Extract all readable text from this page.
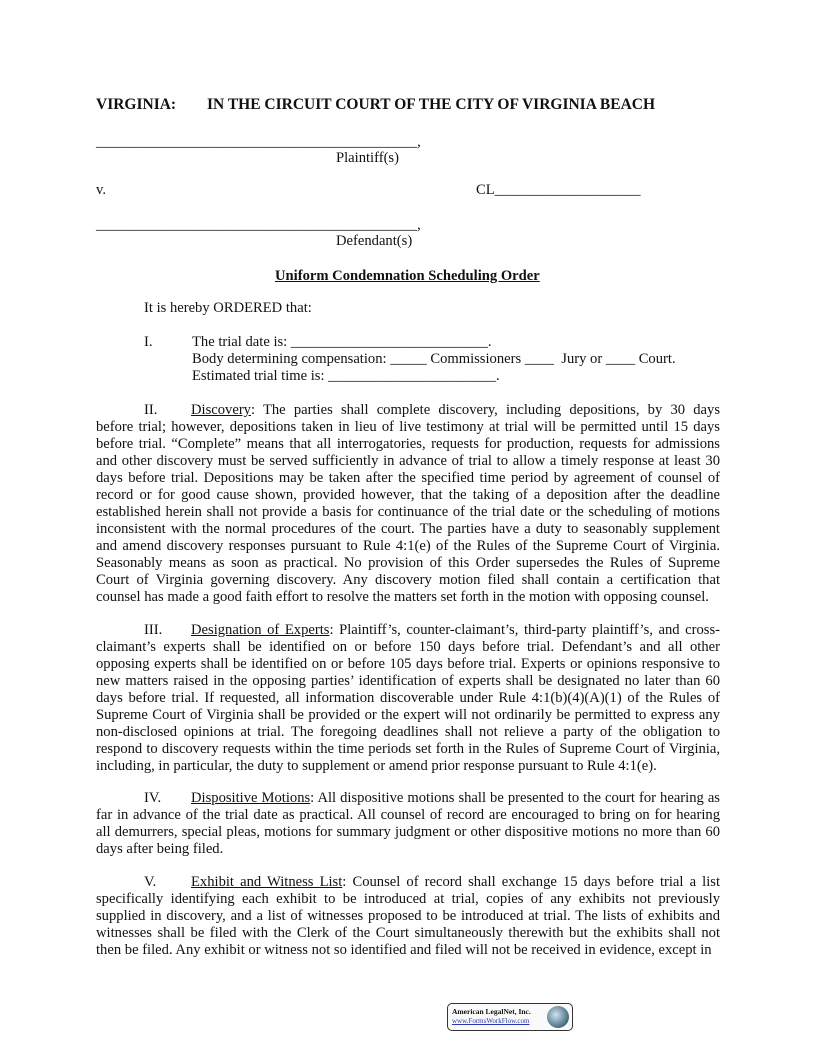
VIRGINIA: IN THE CIRCUIT COURT OF THE CITY OF VIRGINIA BEACH
____________________________________________,
Plaintiff(s)
v.	CL____________________
____________________________________________,
Defendant(s)
Uniform Condemnation Scheduling Order
It is hereby ORDERED that:
I.	The trial date is: ___________________________.
Body determining compensation: _____ Commissioners ____  Jury or ____ Court.
Estimated trial time is: _______________________.
II. Discovery: The parties shall complete discovery, including depositions, by 30 days
before trial; however, depositions taken in lieu of live testimony at trial will be permitted until 15 days
before trial. “Complete” means that all interrogatories, requests for production, requests for admissions
and other discovery must be served sufficiently in advance of trial to allow a timely response at least 30
days before trial. Depositions may be taken after the specified time period by agreement of counsel of
record or for good cause shown, provided however, that the taking of a deposition after the deadline
established herein shall not provide a basis for continuance of the trial date or the scheduling of motions
inconsistent with the normal procedures of the court. The parties have a duty to seasonably supplement
and amend discovery responses pursuant to Rule 4:1(e) of the Rules of the Supreme Court of Virginia.
Seasonably means as soon as practical. No provision of this Order supersedes the Rules of Supreme
Court of Virginia governing discovery. Any discovery motion filed shall contain a certification that
counsel has made a good faith effort to resolve the matters set forth in the motion with opposing counsel.
III. Designation of Experts: Plaintiff’s, counter-claimant’s, third-party plaintiff’s, and cross-
claimant’s experts shall be identified on or before 150 days before trial. Defendant’s and all other
opposing experts shall be identified on or before 105 days before trial. Experts or opinions responsive to
new matters raised in the opposing parties’ identification of experts shall be designated no later than 60
days before trial. If requested, all information discoverable under Rule 4:1(b)(4)(A)(1) of the Rules of
Supreme Court of Virginia shall be provided or the expert will not ordinarily be permitted to express any
non-disclosed opinions at trial. The foregoing deadlines shall not relieve a party of the obligation to
respond to discovery requests within the time periods set forth in the Rules of Supreme Court of Virginia,
including, in particular, the duty to supplement or amend prior response pursuant to Rule 4:1(e).
IV. Dispositive Motions: All dispositive motions shall be presented to the court for hearing as
far in advance of the trial date as practical. All counsel of record are encouraged to bring on for hearing
all demurrers, special pleas, motions for summary judgment or other dispositive motions no more than 60
days after being filed.
V. Exhibit and Witness List: Counsel of record shall exchange 15 days before trial a list
specifically identifying each exhibit to be introduced at trial, copies of any exhibits not previously
supplied in discovery, and a list of witnesses proposed to be introduced at trial. The lists of exhibits and
witnesses shall be filed with the Clerk of the Court simultaneously therewith but the exhibits shall not
then be filed. Any exhibit or witness not so identified and filed will not be received in evidence, except in
American LegalNet, Inc.
www.FormsWorkFlow.com
